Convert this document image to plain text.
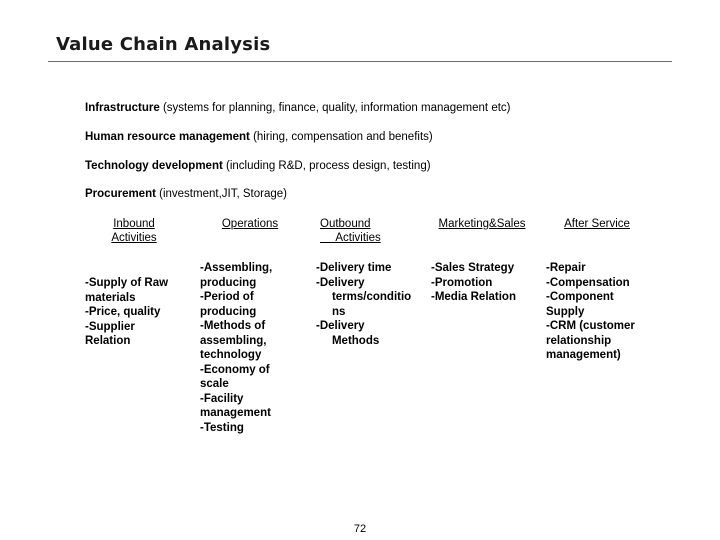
Value Chain Analysis
Infrastructure (systems for planning, finance, quality, information management etc)
Human resource management (hiring, compensation and benefits)
Technology development (including R&D, process design, testing)
Procurement (investment,JIT, Storage)
Inbound
Activities
Operations	Outbound
Activities
Marketing&Sales	After Service
-Supply of Raw
materials
-Price, quality
-Supplier
Relation
-Assembling,
producing
-Period of
producing
-Methods of
assembling,
technology
-Economy of
scale
-Facility
management
-Testing
-Delivery time
-Delivery
terms/conditio
ns
-Delivery
Methods
-Sales Strategy
-Promotion
-Media Relation
-Repair
-Compensation
-Component
Supply
-CRM (customer
relationship
management)
72
